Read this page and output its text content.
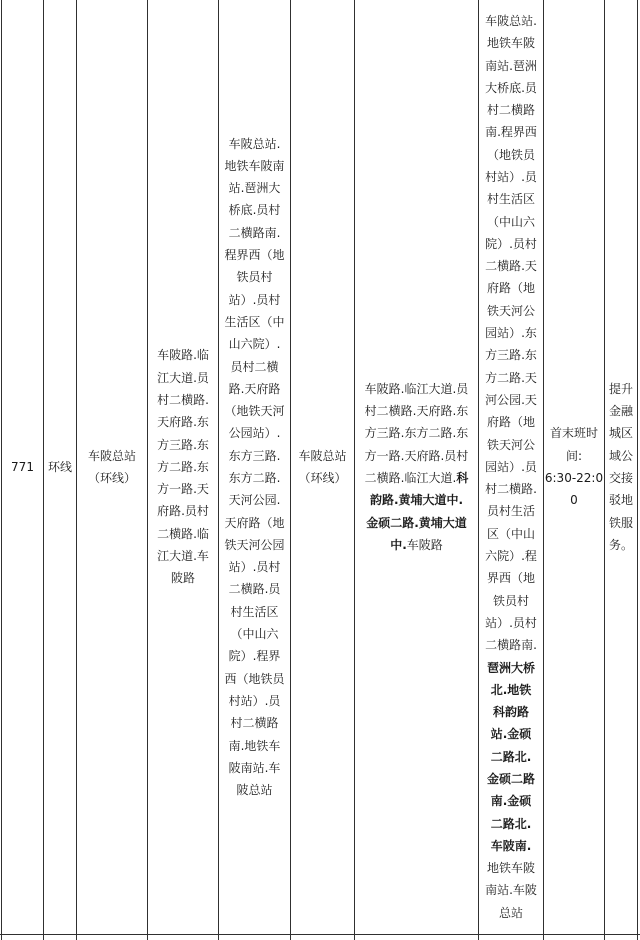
771 环线
车陂总站
（环线）
车陂路.临
江大道.员
村二横路.
天府路.东
方三路.东
方二路.东
方一路.天
府路.员村
二横路.临
江大道.车
陂路
车陂总站.
地铁车陂南
站.琶洲大
桥底.员村
二横路南.
程界西（地
铁员村
站）.员村
生活区（中
山六院）.
员村二横
路.天府路
（地铁天河
公园站）.
东方三路.
东方二路.
天河公园.
天府路（地
铁天河公园
站）.员村
二横路.员
村生活区
（中山六
院）.程界
西（地铁员
村站）.员
村二横路
南.地铁车
陂南站.车
陂总站
车陂总站
（环线）
车陂路.临江大道.员
村二横路.天府路.东
方三路.东方二路.东
方一路.天府路.员村
二横路.临江大道.科
韵路.黄埔大道中.
金硕二路.黄埔大道
中.车陂路
车陂总站.
地铁车陂
南站.琶洲
大桥底.员
村二横路
南.程界西
（地铁员
村站）.员
村生活区
（中山六
院）.员村
二横路.天
府路（地
铁天河公
园站）.东
方三路.东
方二路.天
河公园.天
府路（地
铁天河公
园站）.员
村二横路.
员村生活
区（中山
六院）.程
界西（地
铁员村
站）.员村
二横路南.
琶洲大桥
北.地铁
科韵路
站.金硕
二路北.
金硕二路
南.金硕
二路北.
车陂南.
地铁车陂
南站.车陂
总站
首末班时
间:
6:30-22:0
0
提升
金融
城区
域公
交接
驳地
铁服
务。
